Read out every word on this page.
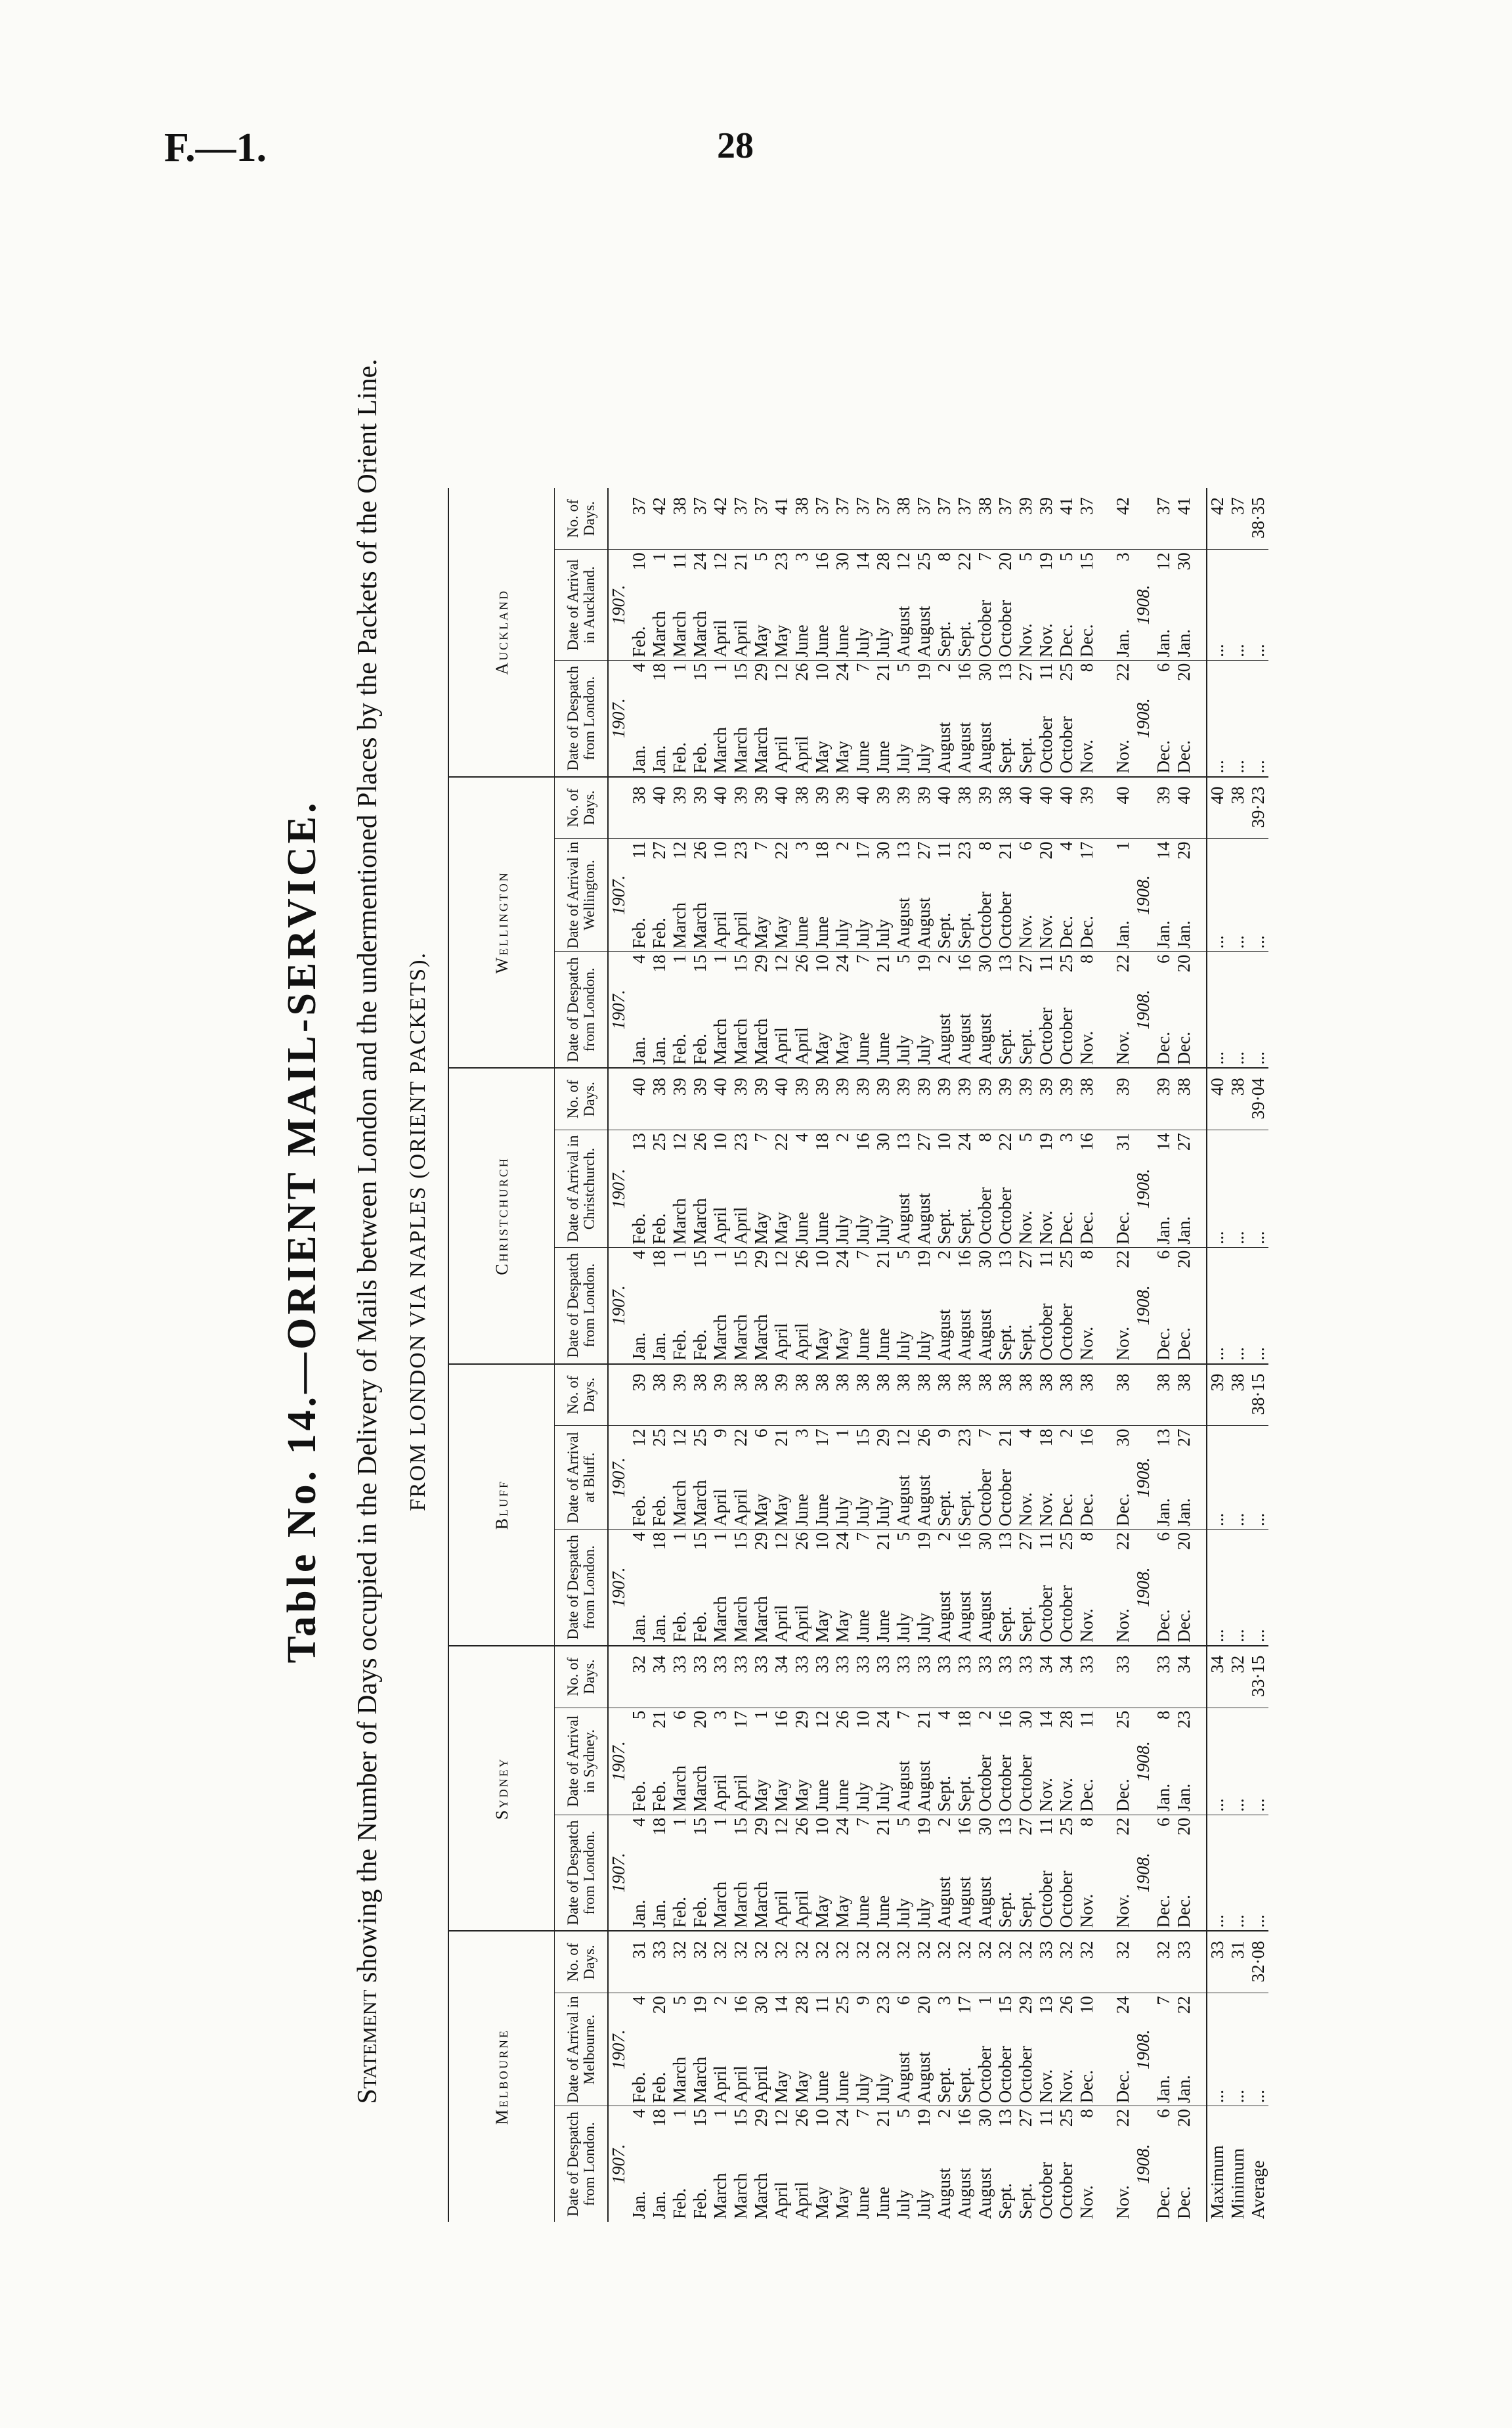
F.—1.	28
Table No. 14.—ORIENT MAIL-SERVICE.
Statement showing the Number of Days occupied in the Delivery of Mails between London and the undermentioned Places by the Packets of the Orient Line. FROM LONDON VIA NAPLES (ORIENT PACKETS).
Melbourne					Sydney					Bluff					Christchurch					Wellington					Auckland				
Date of Despatch from London.		Date of Arrival in Melbourne.		No. of Days.	Date of Despatch from London.		Date of Arrival in Sydney.		No. of Days.	Date of Despatch from London.		Date of Arrival at Bluff.		No. of Days.	Date of Despatch from London.		Date of Arrival in Christchurch.		No. of Days.	Date of Despatch from London.		Date of Arrival in Wellington.		No. of Days.	Date of Despatch from London.		Date of Arrival in Auckland.		No. of Days.
1907.		1907.			1907.		1907.			1907.		1907.			1907.		1907.			1907.		1907.			1907.		1907.		
Jan.	4	Feb.	4	31	Jan.	4	Feb.	5	32	Jan.	4	Feb.	12	39	Jan.	4	Feb.	13	40	Jan.	4	Feb.	11	38	Jan.	4	Feb.	10	37
Jan.	18	Feb.	20	33	Jan.	18	Feb.	21	34	Jan.	18	Feb.	25	38	Jan.	18	Feb.	25	38	Jan.	18	Feb.	27	40	Jan.	18	March	1	42
Feb.	1	March	5	32	Feb.	1	March	6	33	Feb.	1	March	12	39	Feb.	1	March	12	39	Feb.	1	March	12	39	Feb.	1	March	11	38
Feb.	15	March	19	32	Feb.	15	March	20	33	Feb.	15	March	25	38	Feb.	15	March	26	39	Feb.	15	March	26	39	Feb.	15	March	24	37
March	1	April	2	32	March	1	April	3	33	March	1	April	9	39	March	1	April	10	40	March	1	April	10	40	March	1	April	12	42
March	15	April	16	32	March	15	April	17	33	March	15	April	22	38	March	15	April	23	39	March	15	April	23	39	March	15	April	21	37
March	29	April	30	32	March	29	May	1	33	March	29	May	6	38	March	29	May	7	39	March	29	May	7	39	March	29	May	5	37
April	12	May	14	32	April	12	May	16	34	April	12	May	21	39	April	12	May	22	40	April	12	May	22	40	April	12	May	23	41
April	26	May	28	32	April	26	May	29	33	April	26	June	3	38	April	26	June	4	39	April	26	June	3	38	April	26	June	3	38
May	10	June	11	32	May	10	June	12	33	May	10	June	17	38	May	10	June	18	39	May	10	June	18	39	May	10	June	16	37
May	24	June	25	32	May	24	June	26	33	May	24	July	1	38	May	24	July	2	39	May	24	July	2	39	May	24	June	30	37
June	7	July	9	32	June	7	July	10	33	June	7	July	15	38	June	7	July	16	39	June	7	July	17	40	June	7	July	14	37
June	21	July	23	32	June	21	July	24	33	June	21	July	29	38	June	21	July	30	39	June	21	July	30	39	June	21	July	28	37
July	5	August	6	32	July	5	August	7	33	July	5	August	12	38	July	5	August	13	39	July	5	August	13	39	July	5	August	12	38
July	19	August	20	32	July	19	August	21	33	July	19	August	26	38	July	19	August	27	39	July	19	August	27	39	July	19	August	25	37
August	2	Sept.	3	32	August	2	Sept.	4	33	August	2	Sept.	9	38	August	2	Sept.	10	39	August	2	Sept.	11	40	August	2	Sept.	8	37
August	16	Sept.	17	32	August	16	Sept.	18	33	August	16	Sept.	23	38	August	16	Sept.	24	39	August	16	Sept.	23	38	August	16	Sept.	22	37
August	30	October	1	32	August	30	October	2	33	August	30	October	7	38	August	30	October	8	39	August	30	October	8	39	August	30	October	7	38
Sept.	13	October	15	32	Sept.	13	October	16	33	Sept.	13	October	21	38	Sept.	13	October	22	39	Sept.	13	October	21	38	Sept.	13	October	20	37
Sept.	27	October	29	32	Sept.	27	October	30	33	Sept.	27	Nov.	4	38	Sept.	27	Nov.	5	39	Sept.	27	Nov.	6	40	Sept.	27	Nov.	5	39
October	11	Nov.	13	33	October	11	Nov.	14	34	October	11	Nov.	18	38	October	11	Nov.	19	39	October	11	Nov.	20	40	October	11	Nov.	19	39
October	25	Nov.	26	32	October	25	Nov.	28	34	October	25	Dec.	2	38	October	25	Dec.	3	39	October	25	Dec.	4	40	October	25	Dec.	5	41
Nov.	8	Dec.	10	32	Nov.	8	Dec.	11	33	Nov.	8	Dec.	16	38	Nov.	8	Dec.	16	38	Nov.	8	Dec.	17	39	Nov.	8	Dec.	15	37

Nov.	22	Dec.	24	32	Nov.	22	Dec.	25	33	Nov.	22	Dec.	30	38	Nov.	22	Dec.	31	39	Nov.	22	Jan.	1	40	Nov.	22	Jan.	3	42
1908.		1908.			1908.		1908.			1908.		1908.			1908.		1908.			1908.		1908.			1908.		1908.		
Dec.	6	Jan.	7	32	Dec.	6	Jan.	8	33	Dec.	6	Jan.	13	38	Dec.	6	Jan.	14	39	Dec.	6	Jan.	14	39	Dec.	6	Jan.	12	37
Dec.	20	Jan.	22	33	Dec.	20	Jan.	23	34	Dec.	20	Jan.	27	38	Dec.	20	Jan.	27	38	Dec.	20	Jan.	29	40	Dec.	20	Jan.	30	41

Maximum		...		33	...		...		34	...		...		39	...		...		40	...		...		40	...		...		42
Minimum		...		31	...		...		32	...		...		38	...		...		38	...		...		38	...		...		37
Average		...		32·08	...		...		33·15	...		...		38·15	...		...		39·04	...		...		39·23	...		...		38·35
